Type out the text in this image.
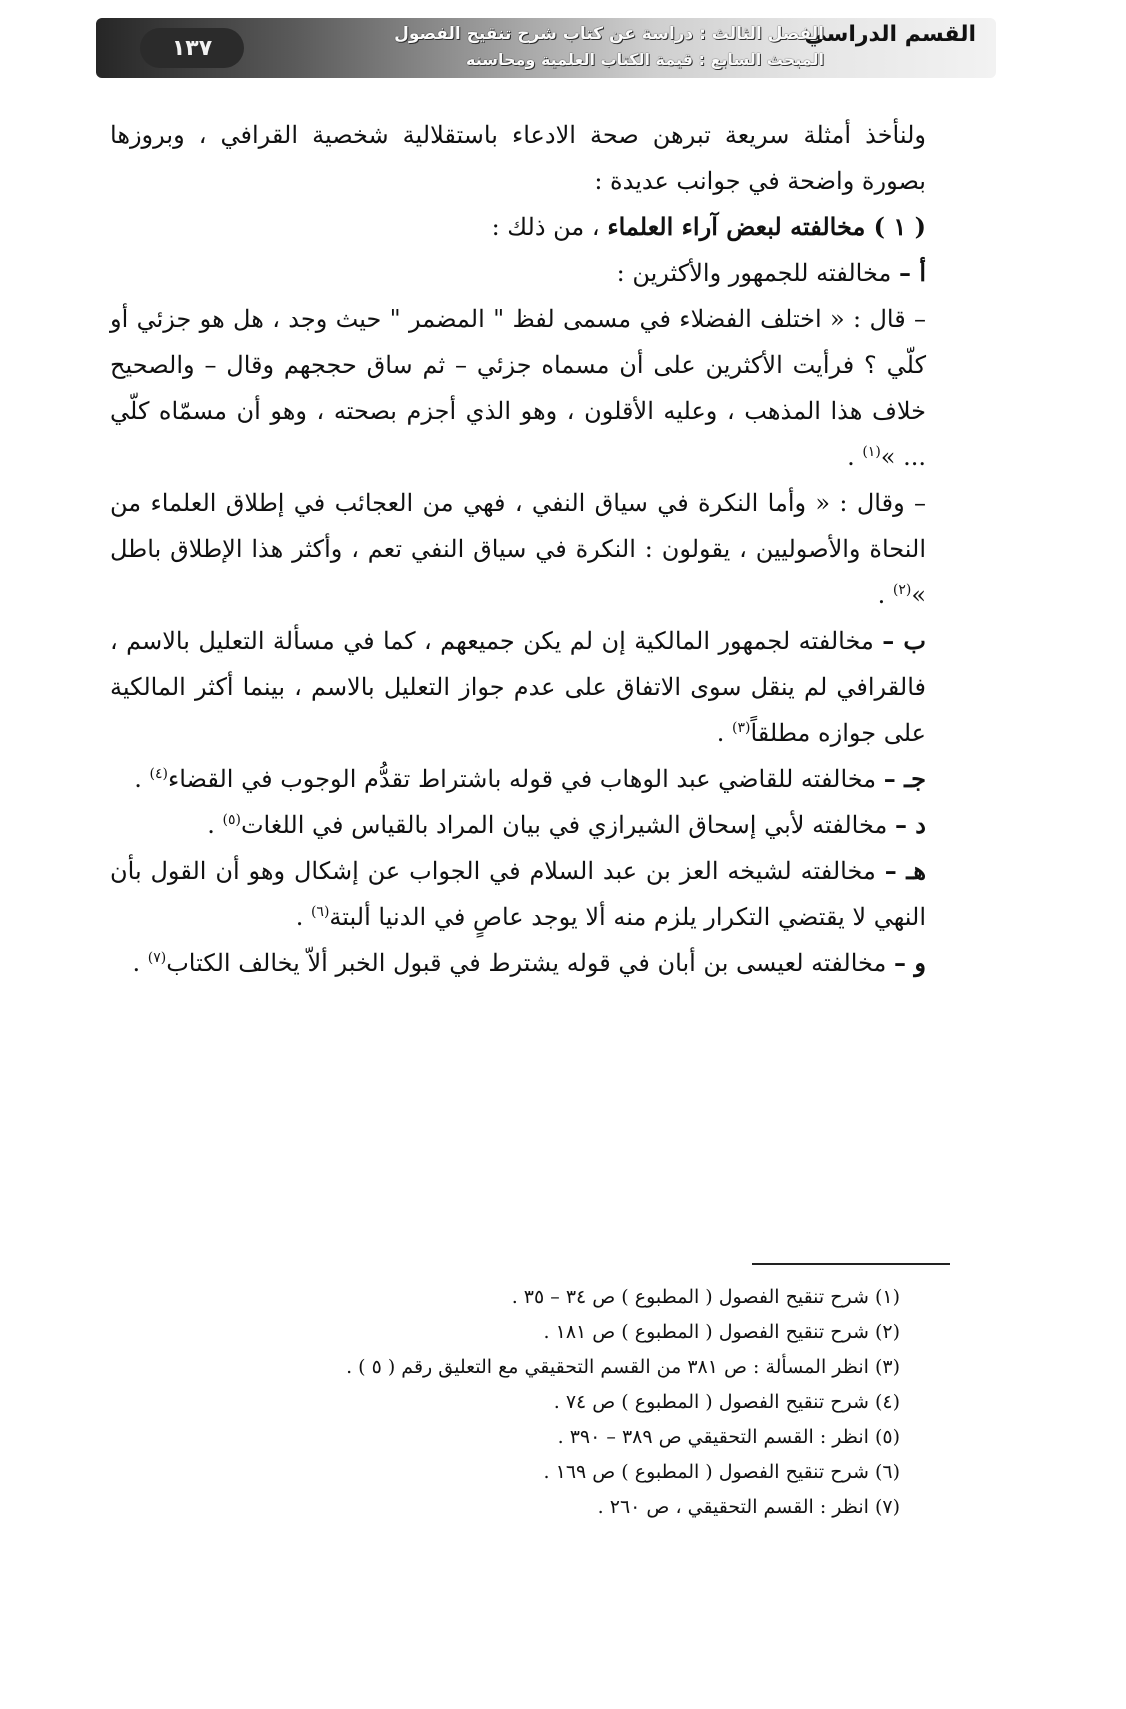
١٣٧
القسم الدراسي
الفصل الثالث : دراسة عن كتاب شرح تنقيح الفصول
المبحث السابع : قيمة الكتاب العلمية ومحاسنه

ولنأخذ أمثلة سريعة تبرهن صحة الادعاء باستقلالية شخصية القرافي ، وبروزها بصورة واضحة في جوانب عديدة :

( ١ ) مخالفته لبعض آراء العلماء ، من ذلك :

أ – مخالفته للجمهور والأكثرين :

– قال : « اختلف الفضلاء في مسمى لفظ " المضمر " حيث وجد ، هل هو جزئي أو كلّي ؟ فرأيت الأكثرين على أن مسماه جزئي – ثم ساق حججهم وقال – والصحيح خلاف هذا المذهب ، وعليه الأقلون ، وهو الذي أجزم بصحته ، وهو أن مسمّاه كلّي ... »$^{(١)}$ .

– وقال : « وأما النكرة في سياق النفي ، فهي من العجائب في إطلاق العلماء من النحاة والأصوليين ، يقولون : النكرة في سياق النفي تعم ، وأكثر هذا الإطلاق باطل »$^{(٢)}$ .

ب – مخالفته لجمهور المالكية إن لم يكن جميعهم ، كما في مسألة التعليل بالاسم ، فالقرافي لم ينقل سوى الاتفاق على عدم جواز التعليل بالاسم ، بينما أكثر المالكية على جوازه مطلقاً$^{(٣)}$ .

جـ – مخالفته للقاضي عبد الوهاب في قوله باشتراط تقدُّم الوجوب في القضاء$^{(٤)}$ .

د – مخالفته لأبي إسحاق الشيرازي في بيان المراد بالقياس في اللغات$^{(٥)}$ .

هـ – مخالفته لشيخه العز بن عبد السلام في الجواب عن إشكال وهو أن القول بأن النهي لا يقتضي التكرار يلزم منه ألا يوجد عاصٍ في الدنيا ألبتة$^{(٦)}$ .

و – مخالفته لعيسى بن أبان في قوله يشترط في قبول الخبر ألاّ يخالف الكتاب$^{(٧)}$ .

(١) شرح تنقيح الفصول ( المطبوع ) ص ٣٤ – ٣٥ .

(٢) شرح تنقيح الفصول ( المطبوع ) ص ١٨١ .

(٣) انظر المسألة : ص ٣٨١ من القسم التحقيقي مع التعليق رقم ( ٥ ) .

(٤) شرح تنقيح الفصول ( المطبوع ) ص ٧٤ .

(٥) انظر : القسم التحقيقي ص ٣٨٩ – ٣٩٠ .

(٦) شرح تنقيح الفصول ( المطبوع ) ص ١٦٩ .

(٧) انظر : القسم التحقيقي ، ص ٢٦٠ .
